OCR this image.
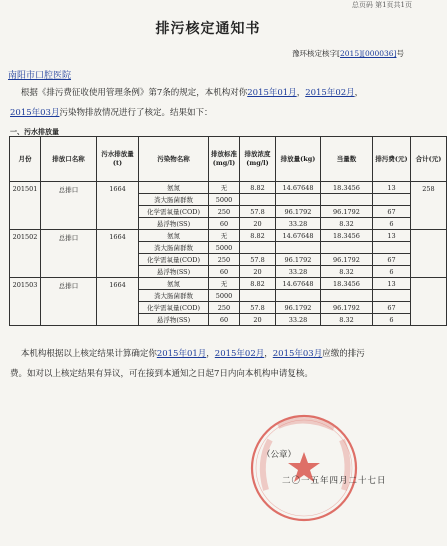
总页码 第1页共1页
排污核定通知书
豫环核定核字[2015][000036]号
南阳市口腔医院
根据《排污费征收使用管理条例》第7条的规定，本机构对你2015年01月，2015年02月，
2015年03月污染物排放情况进行了核定。结果如下：
一、污水排放量
月份	排放口名称	污水排放量(t)	污染物名称	排放标准(mg/l)	排放浓度(mg/l)	排放量(kg)	当量数	排污费(元)	合计(元)
201501	总排口	1664	氨氮	无	8.82	14.67648	18.3456	13	258
			粪大肠菌群数	5000					
			化学需氧量(COD)	250	57.8	96.1792	96.1792	67	
			悬浮物(SS)	60	20	33.28	8.32	6	
201502	总排口	1664	氨氮	无	8.82	14.67648	18.3456	13	
			粪大肠菌群数	5000					
			化学需氧量(COD)	250	57.8	96.1792	96.1792	67	
			悬浮物(SS)	60	20	33.28	8.32	6	
201503	总排口	1664	氨氮	无	8.82	14.67648	18.3456	13	
			粪大肠菌群数	5000					
			化学需氧量(COD)	250	57.8	96.1792	96.1792	67	
			悬浮物(SS)	60	20	33.28	8.32	6	
本机构根据以上核定结果计算确定你2015年01月，2015年02月，2015年03月应缴的排污
费。如对以上核定结果有异议，可在接到本通知之日起7日内向本机构申请复核。
（公章）
二〇一五年四月二十七日
